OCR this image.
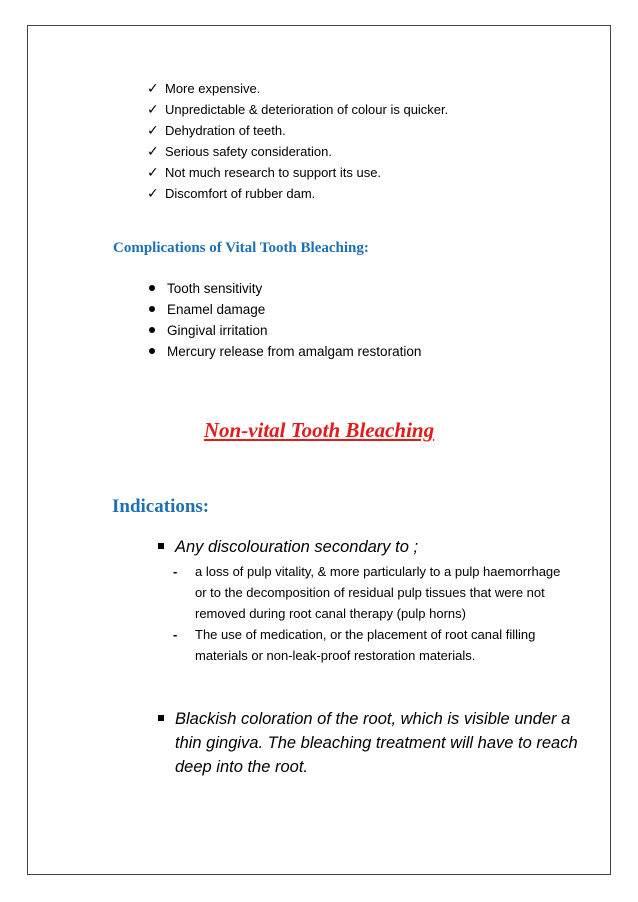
✓ More expensive.
✓ Unpredictable & deterioration of colour is quicker.
✓ Dehydration of teeth.
✓ Serious safety consideration.
✓ Not much research to support its use.
✓ Discomfort of rubber dam.
Complications of Vital Tooth Bleaching:
Tooth sensitivity
Enamel damage
Gingival irritation
Mercury release from amalgam restoration
Non-vital Tooth Bleaching
Indications:

Any discolouration secondary to ;

- a loss of pulp vitality, & more particularly to a pulp haemorrhage or to the decomposition of residual pulp tissues that were not removed during root canal therapy (pulp horns)
- The use of medication, or the placement of root canal filling materials or non-leak-proof restoration materials.

Blackish coloration of the root, which is visible under a thin gingiva. The bleaching treatment will have to reach deep into the root.
